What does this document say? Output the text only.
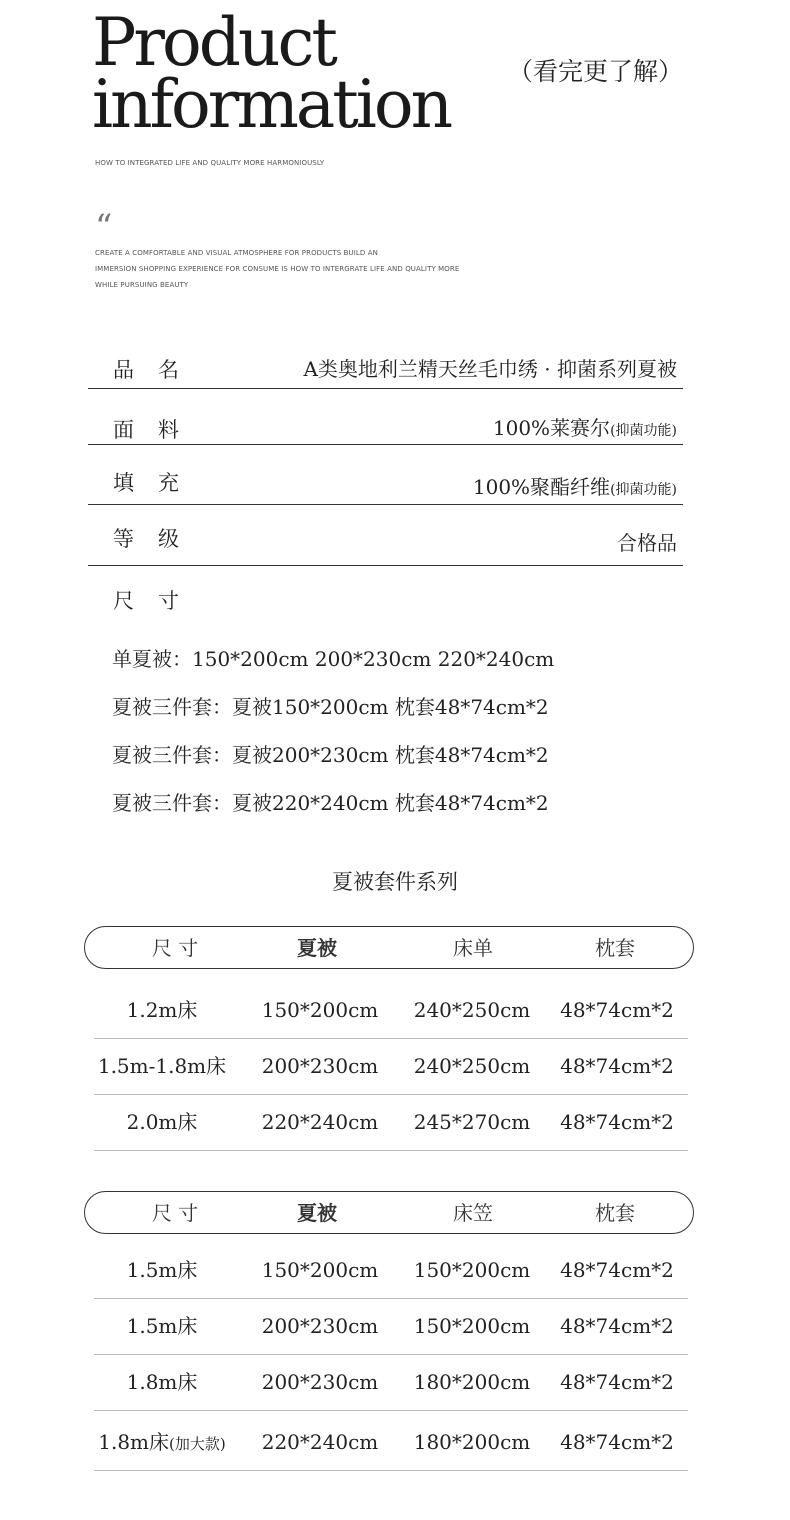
Product
information （看完更了解）
HOW TO INTEGRATED LIFE AND QUALITY MORE HARMONIOUSLY
“
CREATE A COMFORTABLE AND VISUAL ATMOSPHERE FOR PRODUCTS BUILD AN
IMMERSION SHOPPING EXPERIENCE FOR CONSUME IS HOW TO INTERGRATE LIFE AND QUALITY MORE
WHILE PURSUING BEAUTY
品名	A类奥地利兰精天丝毛巾绣 · 抑菌系列夏被
面料	100%莱赛尔(抑菌功能)
填充	100%聚酯纤维(抑菌功能)
等级	合格品
尺寸
单夏被：150*200cm 200*230cm 220*240cm
夏被三件套：夏被150*200cm 枕套48*74cm*2
夏被三件套：夏被200*230cm 枕套48*74cm*2
夏被三件套：夏被220*240cm 枕套48*74cm*2
夏被套件系列
尺 寸	夏被	床单	枕套
1.2m床	150*200cm 240*250cm	48*74cm*2
1.5m-1.8m床 200*230cm 240*250cm	48*74cm*2
2.0m床	220*240cm 245*270cm	48*74cm*2
尺 寸	夏被	床笠	枕套
1.5m床	150*200cm 150*200cm	48*74cm*2
1.5m床	200*230cm 150*200cm	48*74cm*2
1.8m床	200*230cm 180*200cm	48*74cm*2
1.8m床(加大款) 220*240cm 180*200cm	48*74cm*2
